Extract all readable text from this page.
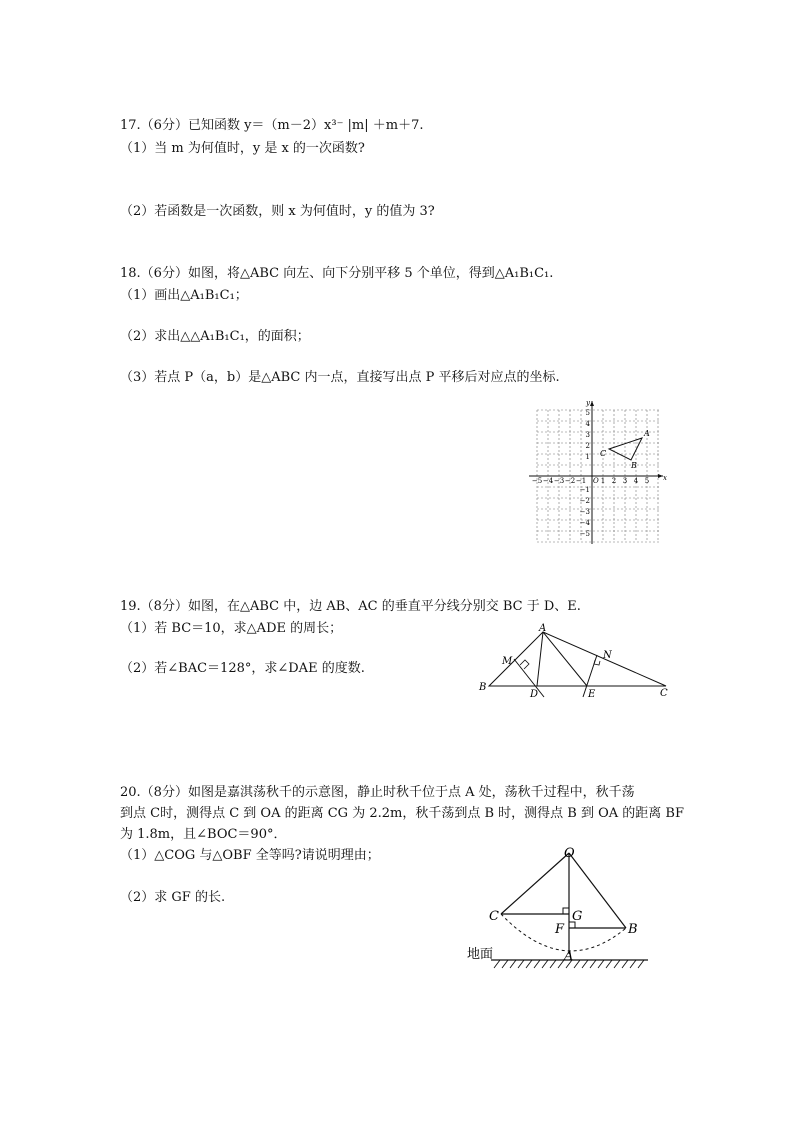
17.（6分）已知函数 y＝（m－2）x³⁻ |m| ＋m＋7.
（1）当 m 为何值时，y 是 x 的一次函数?
（2）若函数是一次函数，则 x 为何值时，y 的值为 3?
18.（6分）如图，将△ABC 向左、向下分别平移 5 个单位，得到△A₁B₁C₁.
（1）画出△A₁B₁C₁；
（2）求出△△A₁B₁C₁，的面积；
（3）若点 P（a，b）是△ABC 内一点，直接写出点 P 平移后对应点的坐标.
y
x
O
−5 −4 −3 −2 −1 1 2 3 4 5
5
4
3
2
1
−1
−2
−3
−4
−5
A
C
B
19.（8分）如图，在△ABC 中，边 AB、AC 的垂直平分线分别交 BC 于 D、E.
（1）若 BC＝10，求△ADE 的周长；
（2）若∠BAC＝128°，求∠DAE 的度数.
A
B
C
D	E
M
N
20.（8分）如图是嘉淇荡秋千的示意图，静止时秋千位于点 A 处，荡秋千过程中，秋千荡
到点 C时，测得点 C 到 OA 的距离 CG 为 2.2m，秋千荡到点 B 时，测得点 B 到 OA 的距离 BF
为 1.8m，且∠BOC＝90°．
（1）△COG 与△OBF 全等吗?请说明理由；
（2）求 GF 的长.
O
C	G
F	B
A
地面
